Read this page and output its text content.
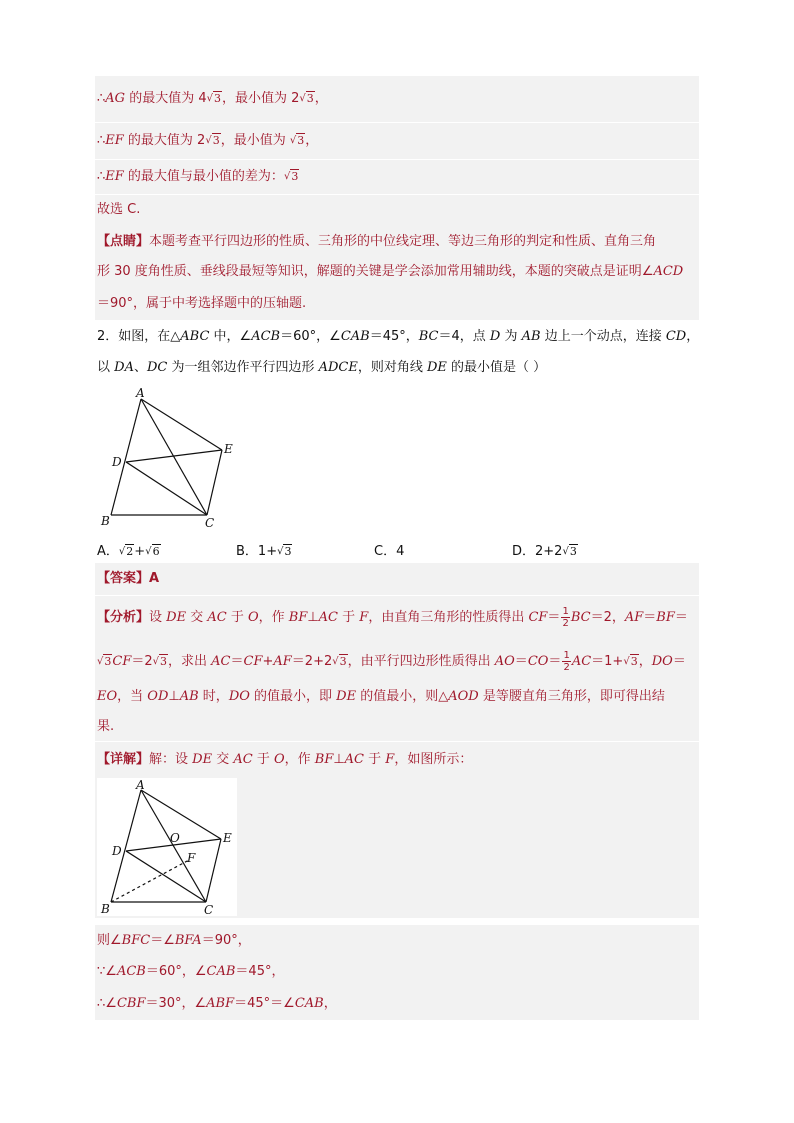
∴AG 的最大值为 4√3，最小值为 2√3，
∴EF 的最大值为 2√3，最小值为 √3，
∴EF 的最大值与最小值的差为：√3
故选 C.
【点睛】本题考查平行四边形的性质、三角形的中位线定理、等边三角形的判定和性质、直角三角
形 30 度角性质、垂线段最短等知识，解题的关键是学会添加常用辅助线，本题的突破点是证明∠ACD
＝90°，属于中考选择题中的压轴题.
2．如图，在△ABC 中，∠ACB＝60°，∠CAB＝45°，BC＝4，点 D 为 AB 边上一个动点，连接 CD，
以 DA、DC 为一组邻边作平行四边形 ADCE，则对角线 DE 的最小值是（ ）
A
B	C
D
E
A．√2+√6	B．1+√3	C．4	D．2+2√3
【答案】A
【分析】设 DE 交 AC 于 O，作 BF⊥AC 于 F，由直角三角形的性质得出 $CF= \frac{1}{2} BC=2$，AF＝BF＝
√3CF＝2√3，求出 AC＝CF+AF＝2+2√3，由平行四边形性质得出 $AO=CO= \frac{1}{2} AC=1+√3$，DO＝
EO，当 OD⊥AB 时，DO 的值最小，即 DE 的值最小，则△AOD 是等腰直角三角形，即可得出结
果.
【详解】解：设 DE 交 AC 于 O，作 BF⊥AC 于 F，如图所示：
A
B	C
D
E
O
F
则∠BFC＝∠BFA＝90°，
∵∠ACB＝60°，∠CAB＝45°，
∴∠CBF＝30°，∠ABF＝45°＝∠CAB，
